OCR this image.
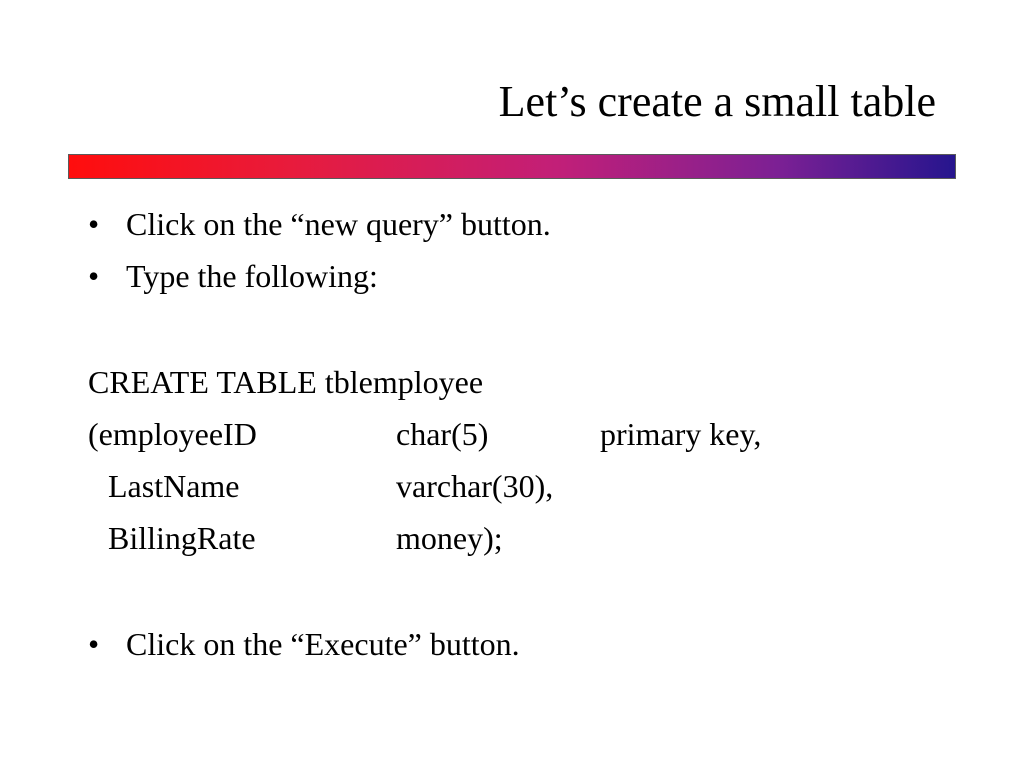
Let’s create a small table
• Click on the “new query” button.
• Type the following:
CREATE TABLE tblemployee
(employeeID	char(5)	primary key,
LastName	varchar(30),
BillingRate	money);
• Click on the “Execute” button.
